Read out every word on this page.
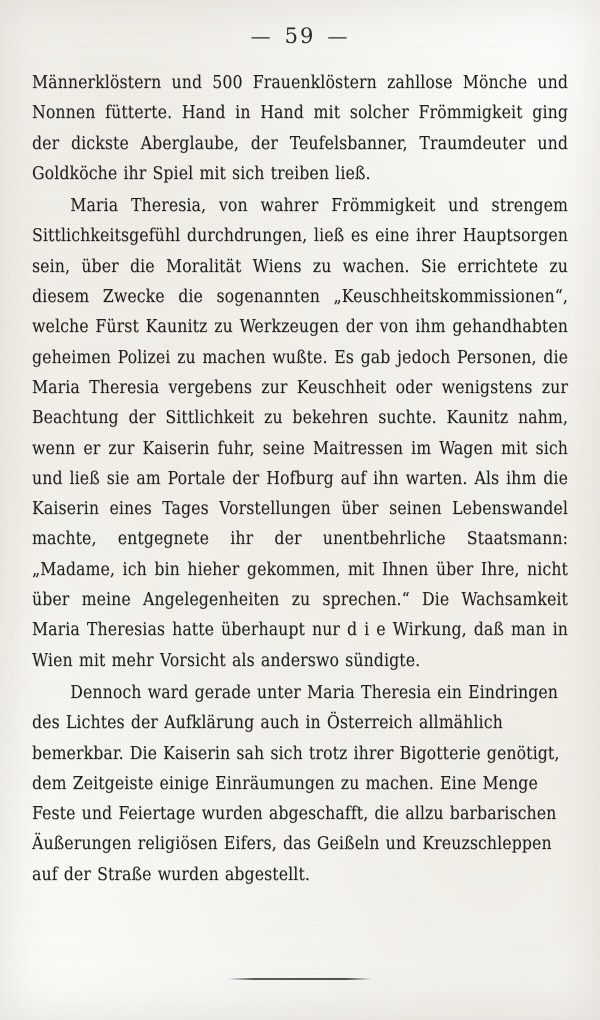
— 59 —

Männerklöstern und 500 Frauenklöstern zahllose Mönche und Nonnen fütterte. Hand in Hand mit solcher Frömmigkeit ging der dickste Aberglaube, der Teufelsbanner, Traumdeuter und Goldköche ihr Spiel mit sich treiben ließ.

Maria Theresia, von wahrer Frömmigkeit und strengem Sittlichkeitsgefühl durchdrungen, ließ es eine ihrer Hauptsorgen sein, über die Moralität Wiens zu wachen. Sie errichtete zu diesem Zwecke die sogenannten „Keuschheitskommissionen“, welche Fürst Kaunitz zu Werkzeugen der von ihm gehandhabten geheimen Polizei zu machen wußte. Es gab jedoch Personen, die Maria Theresia vergebens zur Keuschheit oder wenigstens zur Beachtung der Sittlichkeit zu bekehren suchte. Kaunitz nahm, wenn er zur Kaiserin fuhr, seine Maitressen im Wagen mit sich und ließ sie am Portale der Hofburg auf ihn warten. Als ihm die Kaiserin eines Tages Vorstellungen über seinen Lebenswandel machte, entgegnete ihr der unentbehrliche Staatsmann: „Madame, ich bin hieher gekommen, mit Ihnen über Ihre, nicht über meine Angelegenheiten zu sprechen.“ Die Wachsamkeit Maria Theresias hatte überhaupt nur d i e Wirkung, daß man in Wien mit mehr Vorsicht als anderswo sündigte.

Dennoch ward gerade unter Maria Theresia ein Eindringen des Lichtes der Aufklärung auch in Österreich allmählich bemerkbar. Die Kaiserin sah sich trotz ihrer Bigotterie genötigt, dem Zeitgeiste einige Einräumungen zu machen. Eine Menge Feste und Feiertage wurden abgeschafft, die allzu barbarischen Äußerungen religiösen Eifers, das Geißeln und Kreuzschleppen auf der Straße wurden abgestellt.
